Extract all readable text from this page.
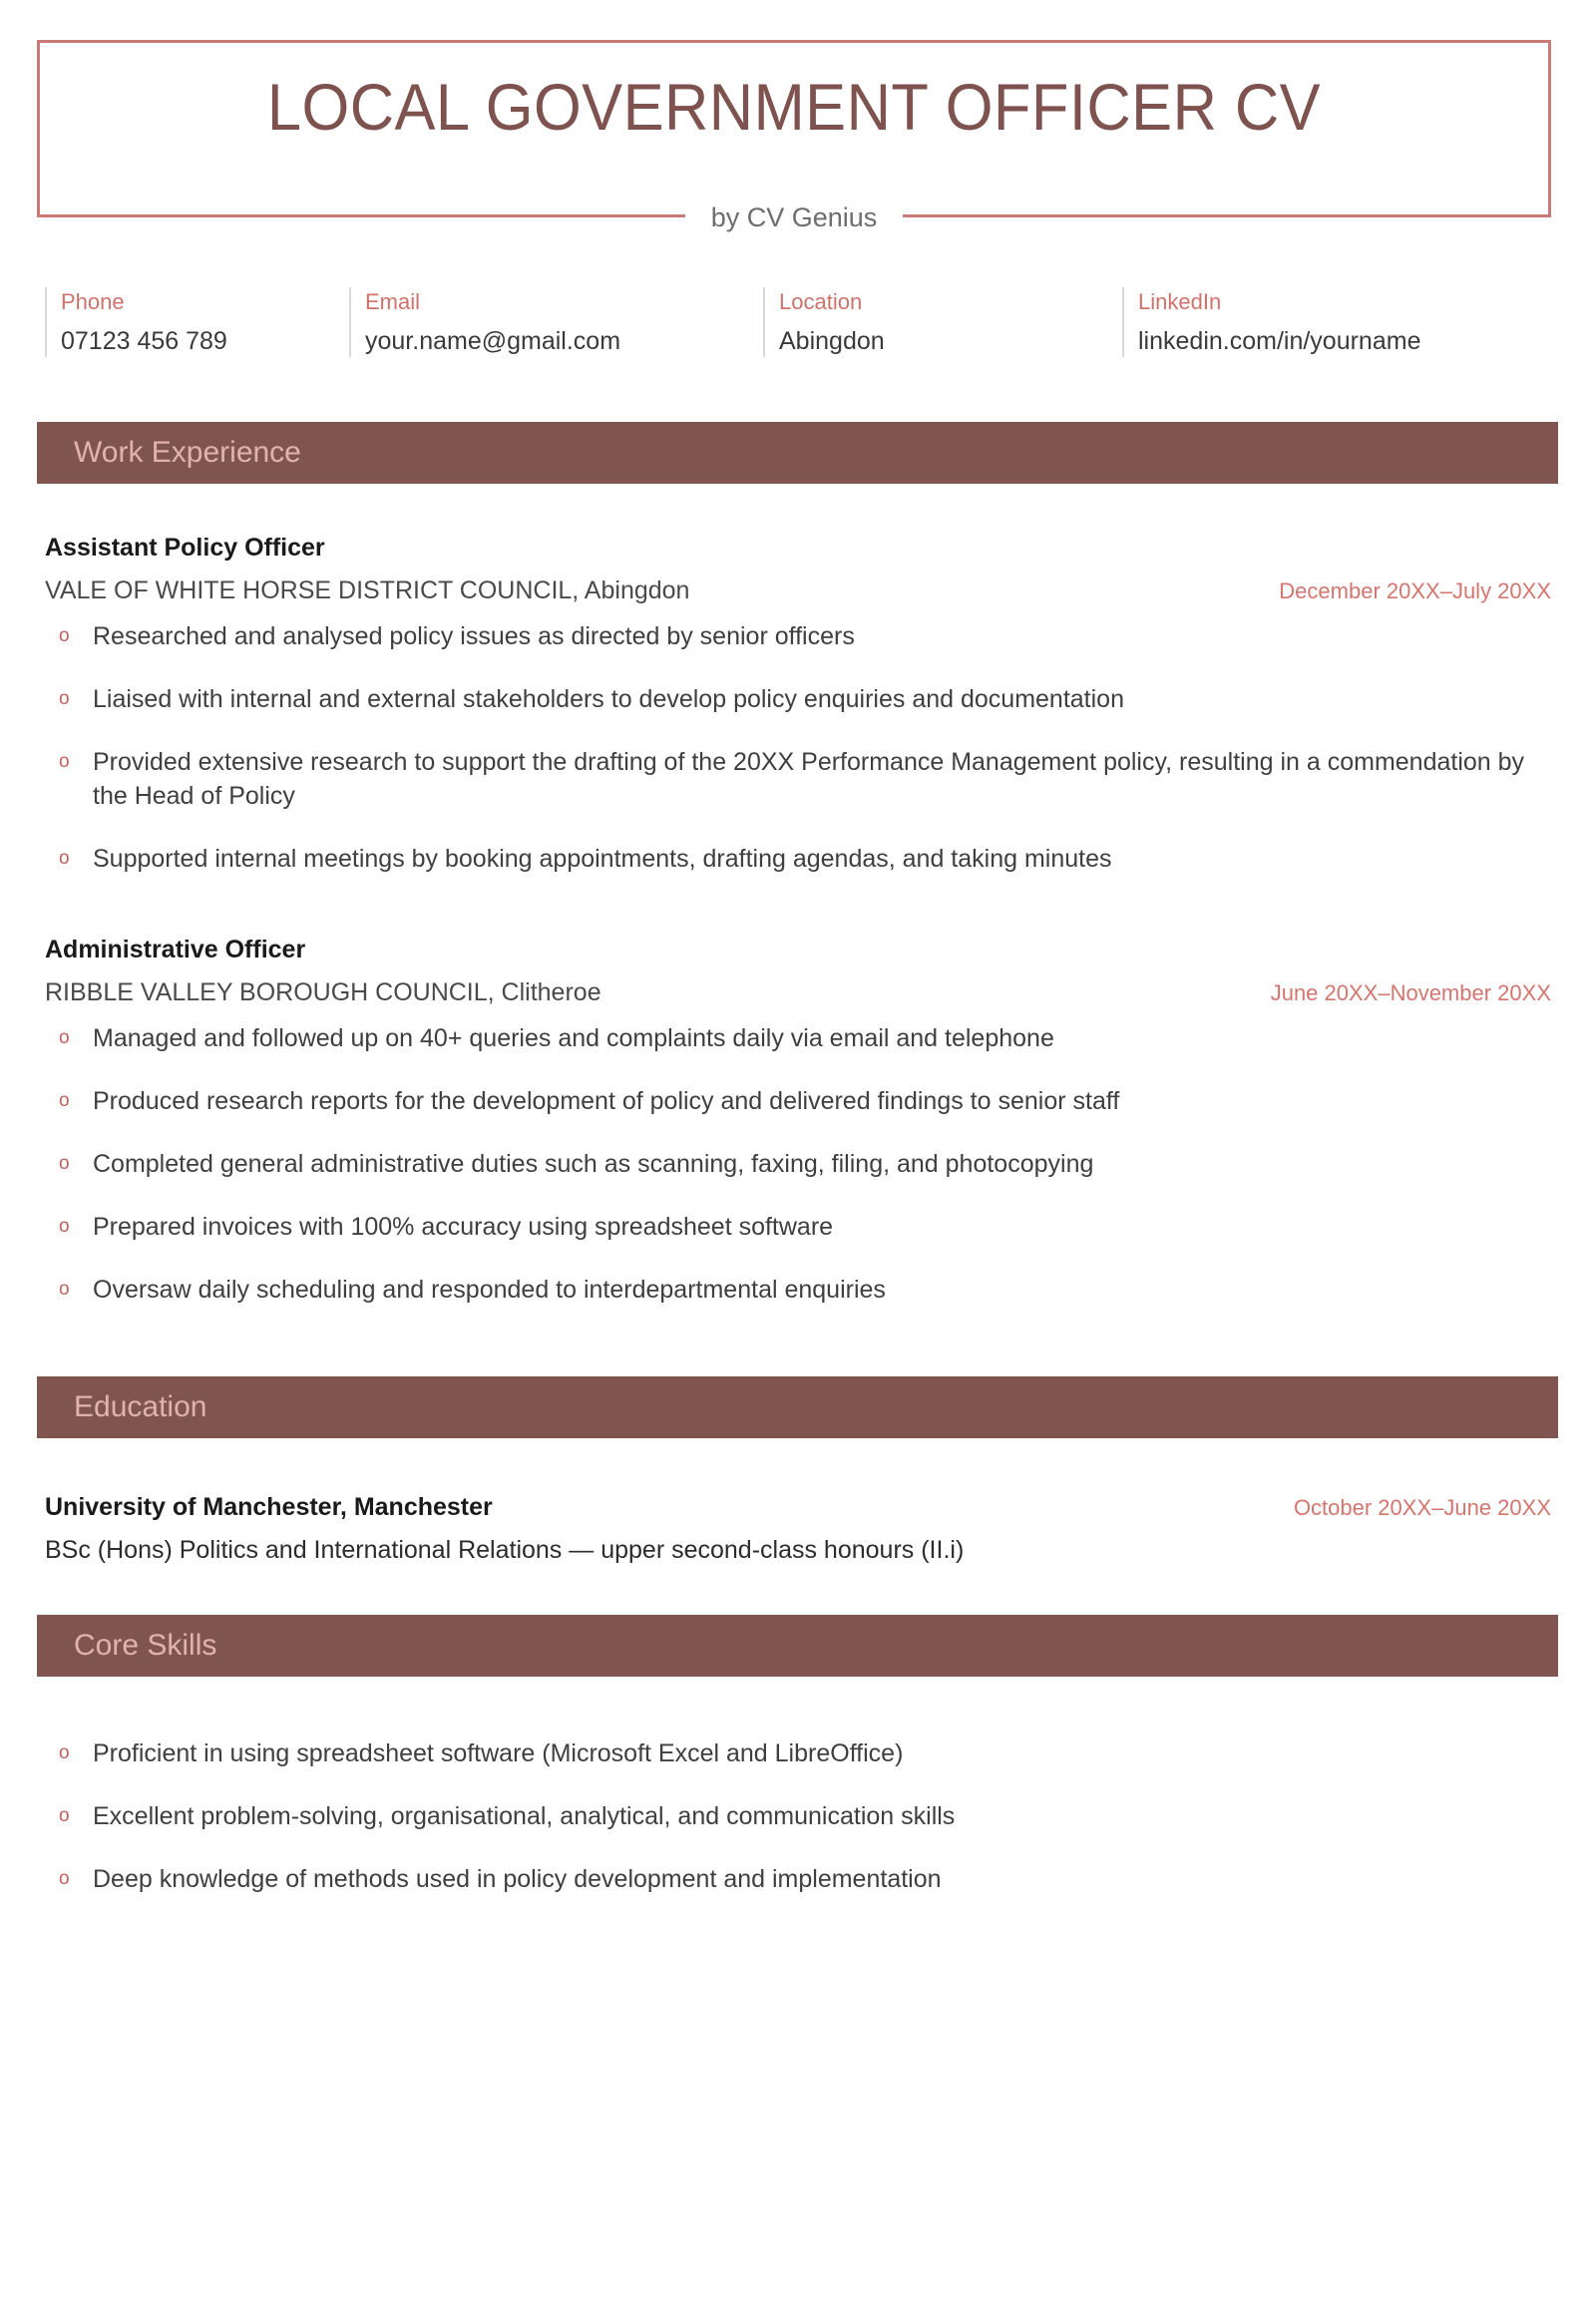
LOCAL GOVERNMENT OFFICER CV
by CV Genius
Phone
07123 456 789
Email
your.name@gmail.com
Location
Abingdon
LinkedIn
linkedin.com/in/yourname
Work Experience
Assistant Policy Officer
VALE OF WHITE HORSE DISTRICT COUNCIL, Abingdon	December 20XX–July 20XX
o Researched and analysed policy issues as directed by senior officers
o Liaised with internal and external stakeholders to develop policy enquiries and documentation
o Provided extensive research to support the drafting of the 20XX Performance Management policy, resulting in a commendation by the Head of Policy
o Supported internal meetings by booking appointments, drafting agendas, and taking minutes
Administrative Officer
RIBBLE VALLEY BOROUGH COUNCIL, Clitheroe	June 20XX–November 20XX
o Managed and followed up on 40+ queries and complaints daily via email and telephone
o Produced research reports for the development of policy and delivered findings to senior staff
o Completed general administrative duties such as scanning, faxing, filing, and photocopying
o Prepared invoices with 100% accuracy using spreadsheet software
o Oversaw daily scheduling and responded to interdepartmental enquiries
Education
University of Manchester, Manchester	October 20XX–June 20XX
BSc (Hons) Politics and International Relations — upper second-class honours (II.i)
Core Skills
o Proficient in using spreadsheet software (Microsoft Excel and LibreOffice)
o Excellent problem-solving, organisational, analytical, and communication skills
o Deep knowledge of methods used in policy development and implementation
